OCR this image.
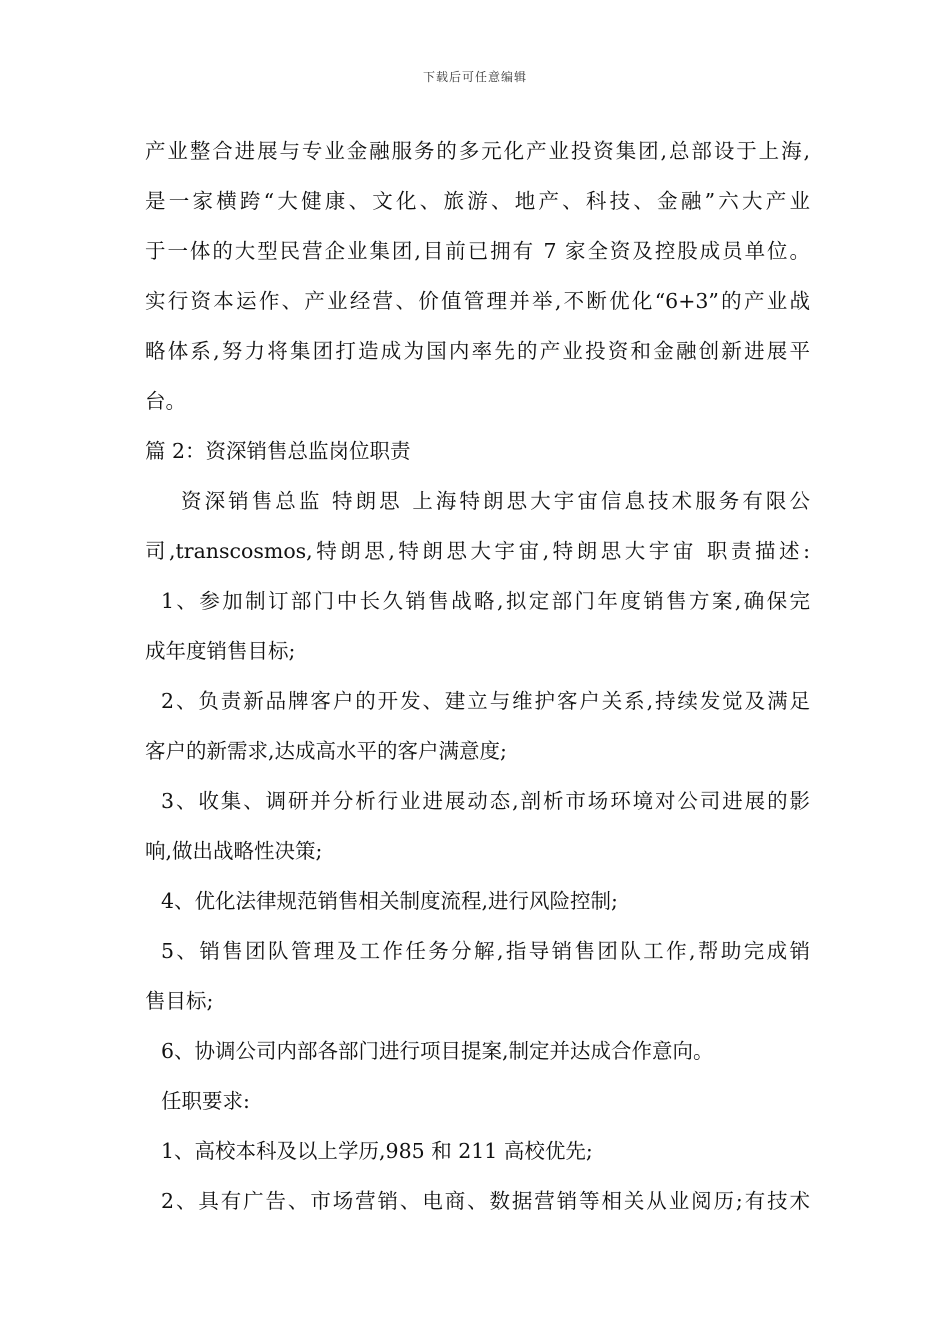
下载后可任意编辑
产业整合进展与专业金融服务的多元化产业投资集团,总部设于上海,
是一家横跨“大健康、文化、旅游、地产、科技、金融”六大产业
于一体的大型民营企业集团,目前已拥有 7 家全资及控股成员单位。
实行资本运作、产业经营、价值管理并举,不断优化“6+3”的产业战
略体系,努力将集团打造成为国内率先的产业投资和金融创新进展平
台。
篇 2：资深销售总监岗位职责
资深销售总监 特朗思 上海特朗思大宇宙信息技术服务有限公
司,transcosmos,特朗思,特朗思大宇宙,特朗思大宇宙 职责描述:
1、参加制订部门中长久销售战略,拟定部门年度销售方案,确保完
成年度销售目标;
2、负责新品牌客户的开发、建立与维护客户关系,持续发觉及满足
客户的新需求,达成高水平的客户满意度;
3、收集、调研并分析行业进展动态,剖析市场环境对公司进展的影
响,做出战略性决策;
4、优化法律规范销售相关制度流程,进行风险控制;
5、销售团队管理及工作任务分解,指导销售团队工作,帮助完成销
售目标;
6、协调公司内部各部门进行项目提案,制定并达成合作意向。
任职要求:
1、高校本科及以上学历,985 和 211 高校优先;
2、具有广告、市场营销、电商、数据营销等相关从业阅历;有技术
